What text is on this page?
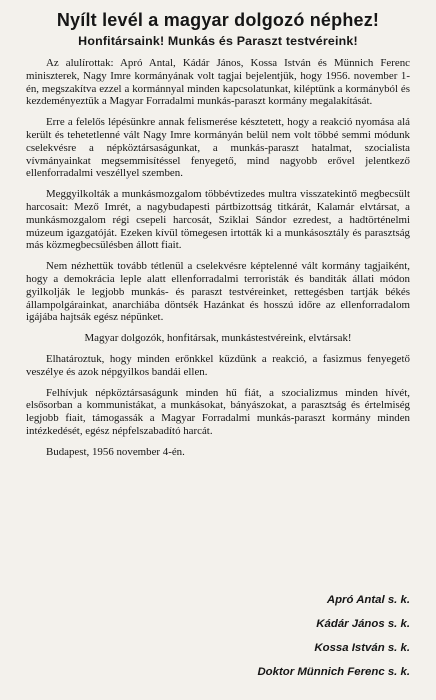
Nyílt levél a magyar dolgozó néphez!
Honfitársaink! Munkás és Paraszt testvéreink!

Az alulírottak: Apró Antal, Kádár János, Kossa István és Münnich Ferenc miniszterek, Nagy Imre kormányának volt tagjai bejelentjük, hogy 1956. november 1-én, megszakítva ezzel a kormánnyal minden kapcsolatunkat, kiléptünk a kormányból és kezdeményeztük a Magyar Forradalmi munkás-paraszt kormány megalakítását.

Erre a felelős lépésünkre annak felismerése késztetett, hogy a reakció nyomása alá került és tehetetlenné vált Nagy Imre kormányán belül nem volt többé semmi módunk cselekvésre a népköztársaságunkat, a munkás-paraszt hatalmat, szocialista vívmányainkat megsemmisítéssel fenyegető, mind nagyobb erővel jelentkező ellenforradalmi veszéllyel szemben.

Meggyilkolták a munkásmozgalom többévtizedes multra visszatekintő megbecsült harcosait: Mező Imrét, a nagybudapesti pártbizottság titkárát, Kalamár elvtársat, a munkásmozgalom régi csepeli harcosát, Sziklai Sándor ezredest, a hadtörténelmi múzeum igazgatóját. Ezeken kívül tömegesen irtották ki a munkásosztály és parasztság más közmegbecsülésben állott fiait.

Nem nézhettük tovább tétlenül a cselekvésre képtelenné vált kormány tagjaiként, hogy a demokrácia leple alatt ellenforradalmi terroristák és banditák állati módon gyilkolják le legjobb munkás- és paraszt testvéreinket, rettegésben tartják békés állampolgárainkat, anarchiába döntsék Hazánkat és hosszú időre az ellenforradalom igájába hajtsák egész népünket.

Magyar dolgozók, honfitársak, munkástestvéreink, elvtársak!

Elhatároztuk, hogy minden erőnkkel küzdünk a reakció, a fasizmus fenyegető veszélye és azok népgyilkos bandái ellen.

Felhívjuk népköztársaságunk minden hű fiát, a szocializmus minden hívét, elsősorban a kommunistákat, a munkásokat, bányászokat, a parasztság és értelmiség legjobb fiait, támogassák a Magyar Forradalmi munkás-paraszt kormány minden intézkedését, egész népfelszabadító harcát.

Budapest, 1956 november 4-én.
Apró Antal s. k.
Kádár János s. k.
Kossa István s. k.
Doktor Münnich Ferenc s. k.
